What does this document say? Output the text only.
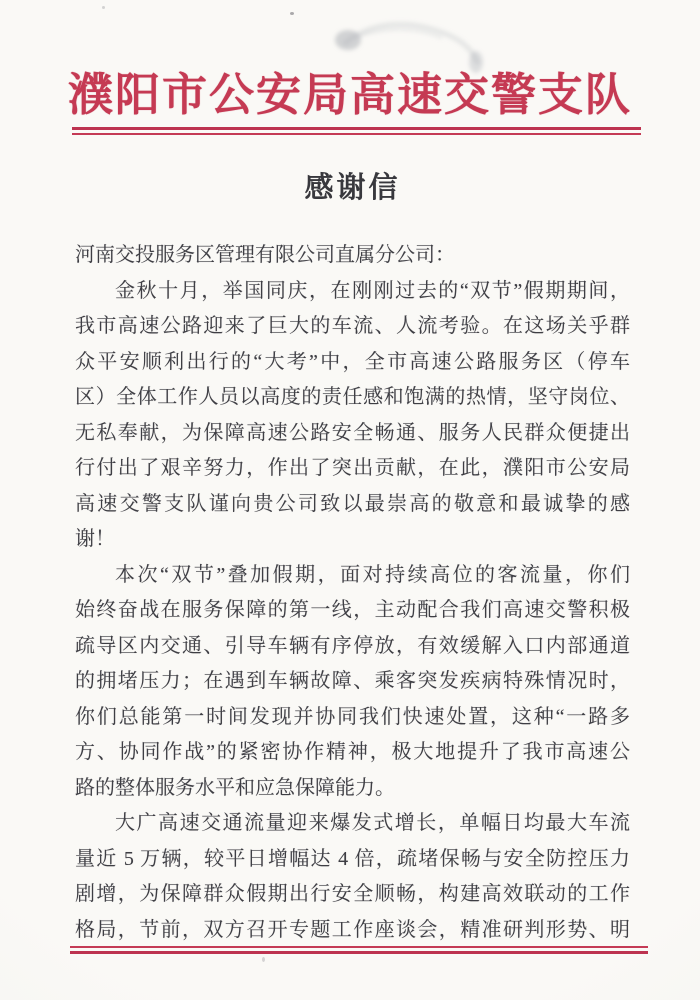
濮阳市公安局高速交警支队
感谢信
河南交投服务区管理有限公司直属分公司：
金秋十月，举国同庆，在刚刚过去的“双节”假期期间，
我市高速公路迎来了巨大的车流、人流考验。在这场关乎群
众平安顺利出行的“大考”中，全市高速公路服务区（停车
区）全体工作人员以高度的责任感和饱满的热情，坚守岗位、
无私奉献，为保障高速公路安全畅通、服务人民群众便捷出
行付出了艰辛努力，作出了突出贡献，在此，濮阳市公安局
高速交警支队谨向贵公司致以最崇高的敬意和最诚挚的感
谢！
本次“双节”叠加假期，面对持续高位的客流量，你们
始终奋战在服务保障的第一线，主动配合我们高速交警积极
疏导区内交通、引导车辆有序停放，有效缓解入口内部通道
的拥堵压力；在遇到车辆故障、乘客突发疾病特殊情况时，
你们总能第一时间发现并协同我们快速处置，这种“一路多
方、协同作战”的紧密协作精神，极大地提升了我市高速公
路的整体服务水平和应急保障能力。
大广高速交通流量迎来爆发式增长，单幅日均最大车流
量近 5 万辆，较平日增幅达 4 倍，疏堵保畅与安全防控压力
剧增，为保障群众假期出行安全顺畅，构建高效联动的工作
格局，节前，双方召开专题工作座谈会，精准研判形势、明
